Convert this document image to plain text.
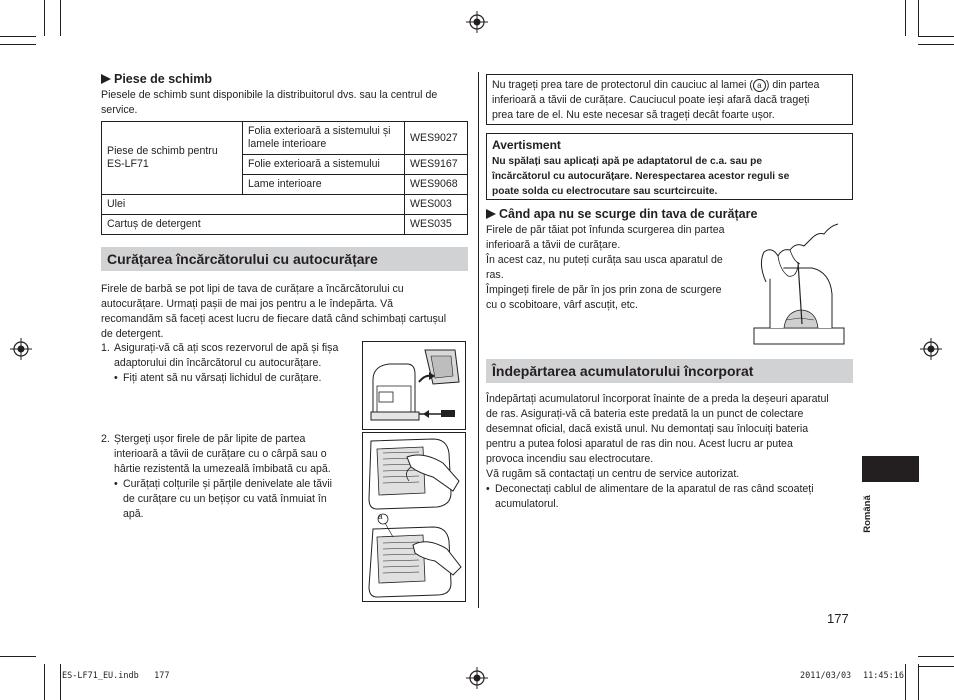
Piese de schimb
Piesele de schimb sunt disponibile la distribuitorul dvs. sau la centrul de service.
Piese de schimb pentru ES-LF71	Folia exterioară a sistemului și lamele interioare	WES9027
	Folie exterioară a sistemului	WES9167
	Lame interioare	WES9068
Ulei		WES003
Cartuș de detergent		WES035
Curățarea încărcătorului cu autocurățare
Firele de barbă se pot lipi de tava de curățare a încărcătorului cu
autocurățare. Urmați pașii de mai jos pentru a le îndepărta. Vă
recomandăm să faceți acest lucru de fiecare dată când schimbați cartușul
de detergent.
1. Asigurați-vă că ați scos rezervorul de apă și fișa
adaptorului din încărcătorul cu autocurățare.
• Fiți atent să nu vărsați lichidul de curățare.
2. Ștergeți ușor firele de păr lipite de partea
interioară a tăvii de curățare cu o cârpă sau o
hârtie rezistentă la umezeală îmbibată cu apă.
• Curățați colțurile și părțile denivelate ale tăvii
de curățare cu un bețișor cu vată înmuiat în
apă.	a
Nu trageți prea tare de protectorul din cauciuc al lamei ( a ) din partea
inferioară a tăvii de curățare. Cauciucul poate ieși afară dacă trageți
prea tare de el. Nu este necesar să trageți decât foarte ușor.
Avertisment
Nu spălați sau aplicați apă pe adaptatorul de c.a. sau pe
încărcătorul cu autocurățare. Nerespectarea acestor reguli se
poate solda cu electrocutare sau scurtcircuite.
Când apa nu se scurge din tava de curățare
Firele de păr tăiat pot înfunda scurgerea din partea
inferioară a tăvii de curățare.
În acest caz, nu puteți curăța sau usca aparatul de
ras.
Împingeți firele de păr în jos prin zona de scurgere
cu o scobitoare, vârf ascuțit, etc.
Îndepărtarea acumulatorului încorporat
Îndepărtați acumulatorul încorporat înainte de a preda la deșeuri aparatul
de ras. Asigurați-vă că bateria este predată la un punct de colectare
desemnat oficial, dacă există unul. Nu demontați sau înlocuiți bateria
pentru a putea folosi aparatul de ras din nou. Acest lucru ar putea
provoca incendiu sau electrocutare.
Vă rugăm să contactați un centru de service autorizat.
• Deconectați cablul de alimentare de la aparatul de ras când scoateți
acumulatorul.	Română
177
ES-LF71_EU.indb   177	2011/03/03 11:45:16
